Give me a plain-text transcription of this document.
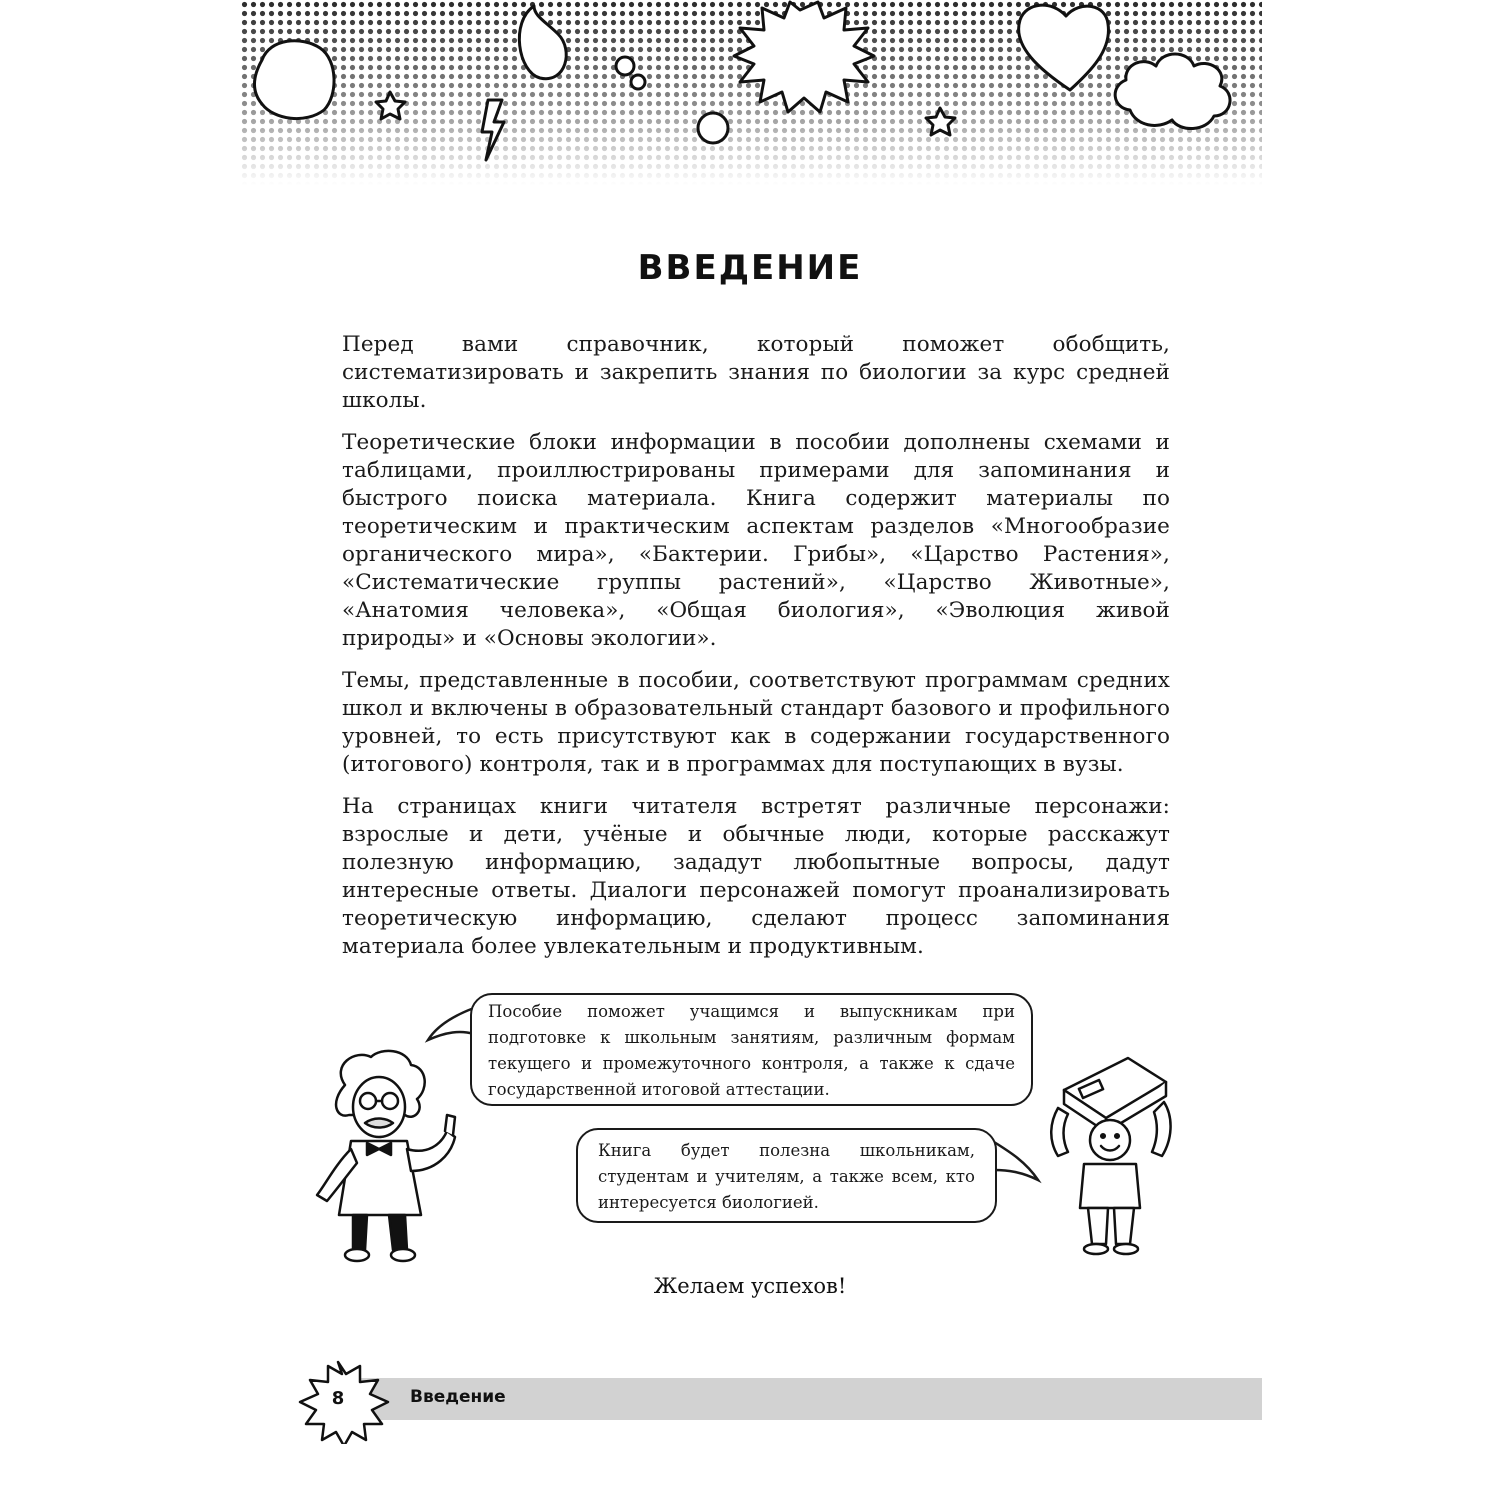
ВВЕДЕНИЕ

Перед вами справочник, который поможет обобщить, систематизировать и закрепить знания по биологии за курс средней школы.

Теоретические блоки информации в пособии дополнены схемами и таблицами, проиллюстрированы примерами для запоминания и быстрого поиска материала. Книга содержит материалы по теоретическим и практическим аспектам разделов «Многообразие органического мира», «Бактерии. Грибы», «Царство Растения», «Систематические группы растений», «Царство Животные», «Анатомия человека», «Общая биология», «Эволюция живой природы» и «Основы экологии».

Темы, представленные в пособии, соответствуют программам средних школ и включены в образовательный стандарт базового и профильного уровней, то есть присутствуют как в содержании государственного (итогового) контроля, так и в программах для поступающих в вузы.

На страницах книги читателя встретят различные персонажи: взрослые и дети, учёные и обычные люди, которые расскажут полезную информацию, зададут любопытные вопросы, дадут интересные ответы. Диалоги персонажей помогут проанализировать теоретическую информацию, сделают процесс запоминания материала более увлекательным и продуктивным.

Пособие поможет учащимся и выпускникам при подготовке к школьным занятиям, различным формам текущего и промежуточного контроля, а также к сдаче государственной итоговой аттестации.
Книга будет полезна школьникам, студентам и учителям, а также всем, кто интересуется биологией.
Желаем успехов!
8	Введение
